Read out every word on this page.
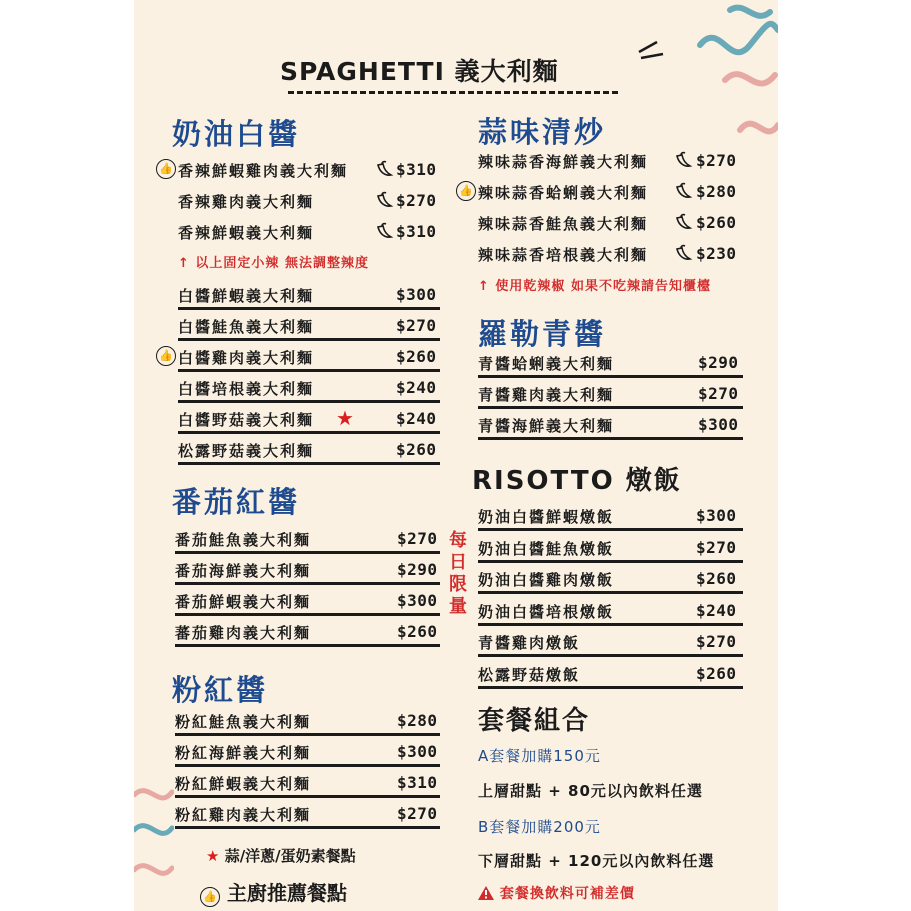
SPAGHETTI 義大利麵
奶油白醬
👍 香辣鮮蝦雞肉義大利麵	$310
香辣雞肉義大利麵	$270
香辣鮮蝦義大利麵	$310
↑ 以上固定小辣 無法調整辣度
白醬鮮蝦義大利麵	$300
白醬鮭魚義大利麵	$270
👍 白醬雞肉義大利麵	$260
白醬培根義大利麵	$240
白醬野菇義大利麵 ★	$240
松露野菇義大利麵	$260
番茄紅醬
番茄鮭魚義大利麵	$270
番茄海鮮義大利麵	$290
番茄鮮蝦義大利麵	$300
蕃茄雞肉義大利麵	$260
粉紅醬
粉紅鮭魚義大利麵	$280
粉紅海鮮義大利麵	$300
粉紅鮮蝦義大利麵	$310
粉紅雞肉義大利麵	$270
蒜味清炒
辣味蒜香海鮮義大利麵	$270
👍 辣味蒜香蛤蜊義大利麵	$280
辣味蒜香鮭魚義大利麵	$260
辣味蒜香培根義大利麵	$230
↑ 使用乾辣椒 如果不吃辣請告知櫃檯
羅勒青醬
青醬蛤蜊義大利麵	$290
青醬雞肉義大利麵	$270
青醬海鮮義大利麵	$300
RISOTTO 燉飯
每日限量
奶油白醬鮮蝦燉飯	$300
奶油白醬鮭魚燉飯	$270
奶油白醬雞肉燉飯	$260
奶油白醬培根燉飯	$240
青醬雞肉燉飯	$270
松露野菇燉飯	$260
套餐組合
A套餐加購150元
上層甜點 + 80元以內飲料任選
B套餐加購200元
下層甜點 + 120元以內飲料任選
套餐換飲料可補差價
★ 蒜/洋蔥/蛋奶素餐點
👍 主廚推薦餐點
